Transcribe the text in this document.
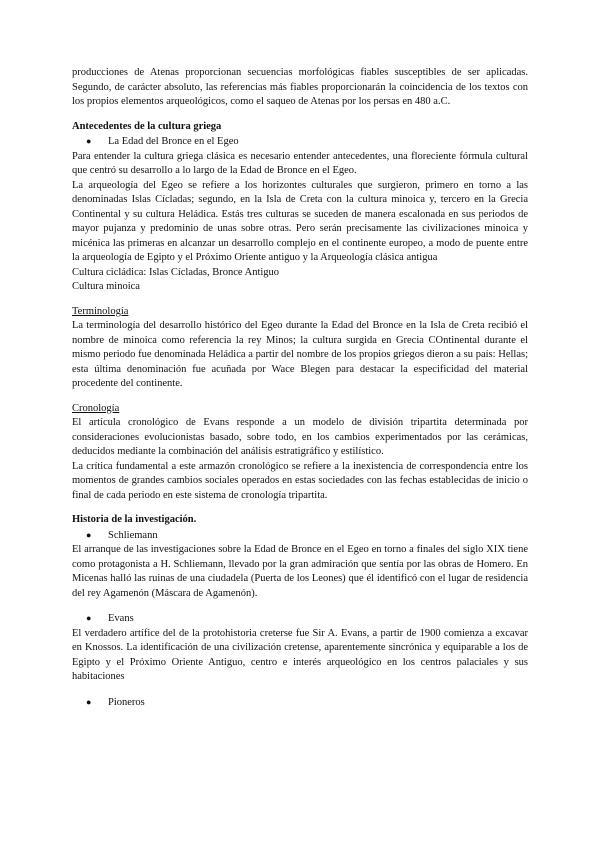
producciones de Atenas proporcionan secuencias morfológicas fiables susceptibles de ser aplicadas. Segundo, de carácter absoluto, las referencias más fiables proporcionarán la coincidencia de los textos con los propios elementos arqueológicos, como el saqueo de Atenas por los persas en 480 a.C.

Antecedentes de la cultura griega

●	La Edad del Bronce en el Egeo

Para entender la cultura griega clásica es necesario entender antecedentes, una floreciente fórmula cultural que centró su desarrollo a lo largo de la Edad de Bronce en el Egeo.

La arqueología del Egeo se refiere a los horizontes culturales que surgieron, primero en torno a las denominadas Islas Cícladas; segundo, en la Isla de Creta con la cultura minoica y, tercero en la Grecia Continental y su cultura Heládica. Estás tres culturas se suceden de manera escalonada en sus periodos de mayor pujanza y predominio de unas sobre otras. Pero serán precisamente las civilizaciones minoica y micénica las primeras en alcanzar un desarrollo complejo en el continente europeo, a modo de puente entre la arqueología de Egipto y el Próximo Oriente antiguo y la Arqueología clásica antigua

Cultura cicládica: Islas Cícladas, Bronce Antiguo

Cultura minoica

Terminología

La terminología del desarrollo histórico del Egeo durante la Edad del Bronce en la Isla de Creta recibió el nombre de minoica como referencia la rey Minos; la cultura surgida en Grecia COntinental durante el mismo periodo fue denominada Heládica a partir del nombre de los propios griegos dieron a su país: Hellas; esta última denominación fue acuñada por Wace Blegen para destacar la especificidad del material procedente del continente.

Cronología

El artícula cronológico de Evans responde a un modelo de división tripartita determinada por consideraciones evolucionistas basado, sobre todo, en los cambios experimentados por las cerámicas, deducidos mediante la combinación del análisis estratigráfico y estilístico.

La crítica fundamental a este armazón cronológico se refiere a la inexistencia de correspondencia entre los momentos de grandes cambios sociales operados en estas sociedades con las fechas establecidas de inicio o final de cada periodo en este sistema de cronología tripartita.

Historia de la investigación.

●	Schliemann

El arranque de las investigaciones sobre la Edad de Bronce en el Egeo en torno a finales del siglo XIX tiene como protagonista a H. Schliemann, llevado por la gran admiración que sentía por las obras de Homero. En Micenas halló las ruinas de una ciudadela (Puerta de los Leones) que él identificó con el lugar de residencia del rey Agamenón (Máscara de Agamenón).

●	Evans

El verdadero artífice del de la protohistoria creterse fue Sir A. Evans, a partir de 1900 comienza a excavar en Knossos. La identificación de una civilización cretense, aparentemente sincrónica y equiparable a los de Egipto y el Próximo Oriente Antiguo, centro e interés arqueológico en los centros palaciales y sus habitaciones

●	Pioneros
